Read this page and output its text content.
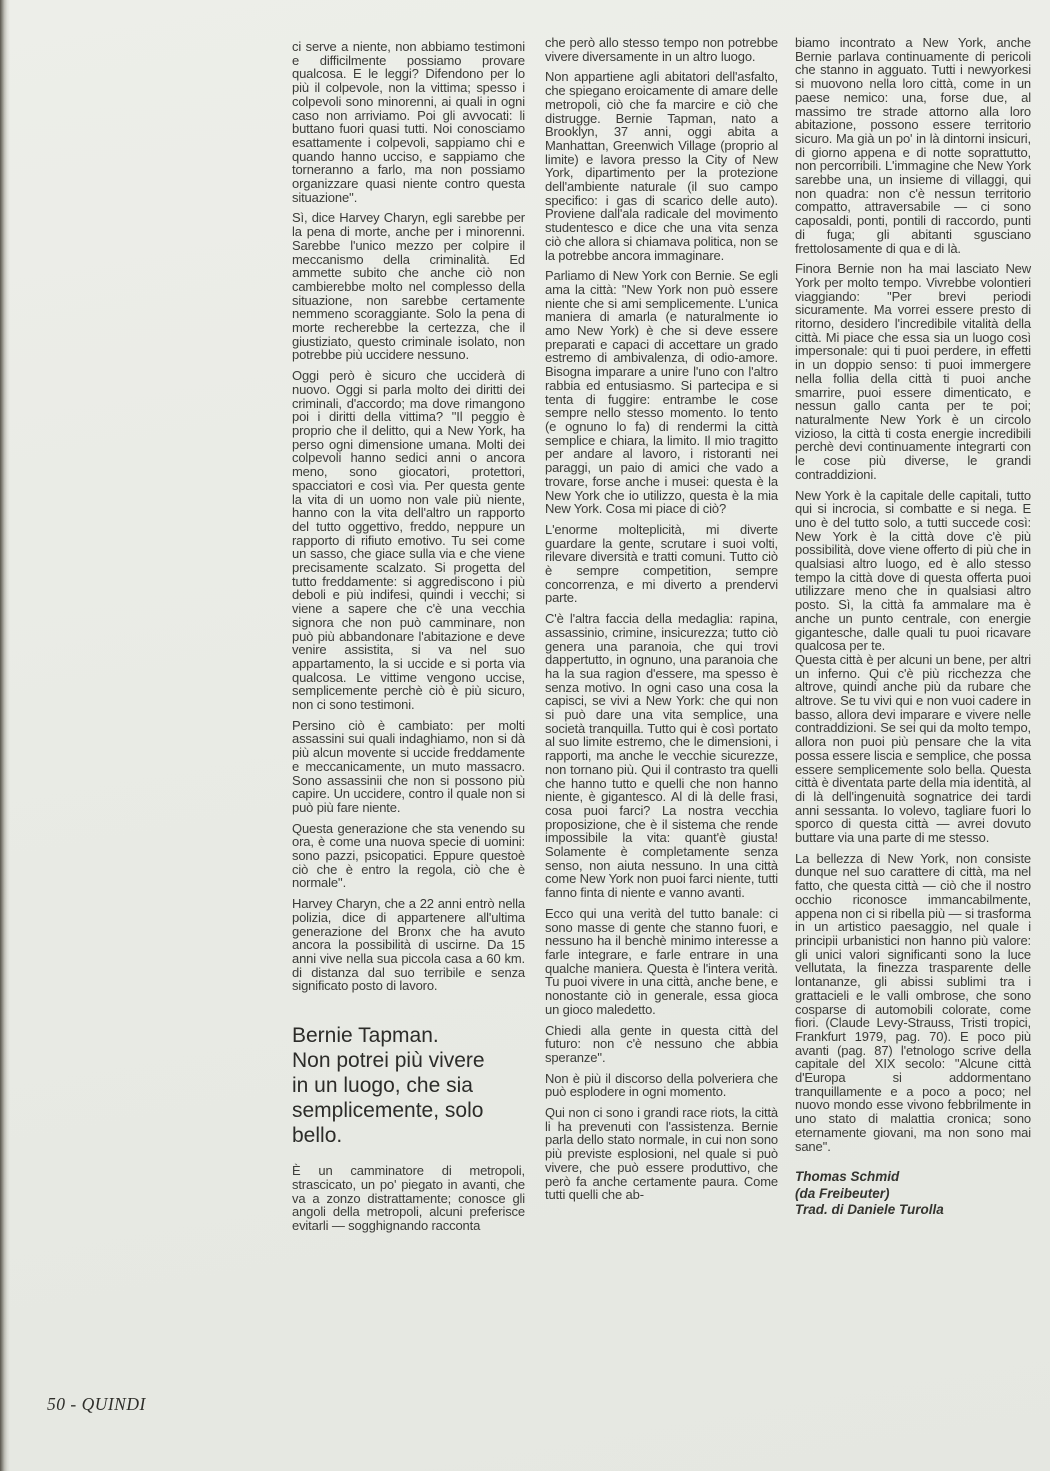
ci serve a niente, non abbiamo testimoni e difficilmente possiamo provare qualcosa. E le leggi? Difendono per lo più il colpevole, non la vittima; spesso i colpevoli sono minorenni, ai quali in ogni caso non arriviamo. Poi gli avvocati: li buttano fuori quasi tutti. Noi conosciamo esattamente i colpevoli, sappiamo chi e quando hanno ucciso, e sappiamo che torneranno a farlo, ma non possiamo organizzare quasi niente contro questa situazione''.

Sì, dice Harvey Charyn, egli sarebbe per la pena di morte, anche per i minorenni. Sarebbe l'unico mezzo per colpire il meccanismo della criminalità. Ed ammette subito che anche ciò non cambierebbe molto nel complesso della situazione, non sarebbe certamente nemmeno scoraggiante. Solo la pena di morte recherebbe la certezza, che il giustiziato, questo criminale isolato, non potrebbe più uccidere nessuno.

Oggi però è sicuro che ucciderà di nuovo. Oggi si parla molto dei diritti dei criminali, d'accordo; ma dove rimangono poi i diritti della vittima? ''Il peggio è proprio che il delitto, qui a New York, ha perso ogni dimensione umana. Molti dei colpevoli hanno sedici anni o ancora meno, sono giocatori, protettori, spacciatori e così via. Per questa gente la vita di un uomo non vale più niente, hanno con la vita dell'altro un rapporto del tutto oggettivo, freddo, neppure un rapporto di rifiuto emotivo. Tu sei come un sasso, che giace sulla via e che viene precisamente scalzato. Si progetta del tutto freddamente: si aggrediscono i più deboli e più indifesi, quindi i vecchi; si viene a sapere che c'è una vecchia signora che non può camminare, non può più abbandonare l'abitazione e deve venire assistita, si va nel suo appartamento, la si uccide e si porta via qualcosa. Le vittime vengono uccise, semplicemente perchè ciò è più sicuro, non ci sono testimoni.

Persino ciò è cambiato: per molti assassini sui quali indaghiamo, non si dà più alcun movente si uccide freddamente e meccanicamente, un muto massacro. Sono assassinii che non si possono più capire. Un uccidere, contro il quale non si può più fare niente.

Questa generazione che sta venendo su ora, è come una nuova specie di uomini: sono pazzi, psicopatici. Eppure questoè ciò che è entro la regola, ciò che è normale''.

Harvey Charyn, che a 22 anni entrò nella polizia, dice di appartenere all'ultima generazione del Bronx che ha avuto ancora la possibilità di uscirne. Da 15 anni vive nella sua piccola casa a 60 km. di distanza dal suo terribile e senza significato posto di lavoro.

Bernie Tapman.
Non potrei più vivere
in un luogo, che sia
semplicemente, solo
bello.

È un camminatore di metropoli, strascicato, un po' piegato in avanti, che va a zonzo distrattamente; conosce gli angoli della metropoli, alcuni preferisce evitarli — sogghignando racconta

che però allo stesso tempo non potrebbe vivere diversamente in un altro luogo.

Non appartiene agli abitatori dell'asfalto, che spiegano eroicamente di amare delle metropoli, ciò che fa marcire e ciò che distrugge. Bernie Tapman, nato a Brooklyn, 37 anni, oggi abita a Manhattan, Greenwich Village (proprio al limite) e lavora presso la City of New York, dipartimento per la protezione dell'ambiente naturale (il suo campo specifico: i gas di scarico delle auto). Proviene dall'ala radicale del movimento studentesco e dice che una vita senza ciò che allora si chiamava politica, non se la potrebbe ancora immaginare.

Parliamo di New York con Bernie. Se egli ama la città: ''New York non può essere niente che si ami semplicemente. L'unica maniera di amarla (e naturalmente io amo New York) è che si deve essere preparati e capaci di accettare un grado estremo di ambivalenza, di odio-amore. Bisogna imparare a unire l'uno con l'altro rabbia ed entusiasmo. Si partecipa e si tenta di fuggire: entrambe le cose sempre nello stesso momento. Io tento (e ognuno lo fa) di rendermi la città semplice e chiara, la limito. Il mio tragitto per andare al lavoro, i ristoranti nei paraggi, un paio di amici che vado a trovare, forse anche i musei: questa è la New York che io utilizzo, questa è la mia New York. Cosa mi piace di ciò?

L'enorme molteplicità, mi diverte guardare la gente, scrutare i suoi volti, rilevare diversità e tratti comuni. Tutto ciò è sempre competition, sempre concorrenza, e mi diverto a prendervi parte.

C'è l'altra faccia della medaglia: rapina, assassinio, crimine, insicurezza; tutto ciò genera una paranoia, che qui trovi dappertutto, in ognuno, una paranoia che ha la sua ragion d'essere, ma spesso è senza motivo. In ogni caso una cosa la capisci, se vivi a New York: che qui non si può dare una vita semplice, una società tranquilla. Tutto qui è così portato al suo limite estremo, che le dimensioni, i rapporti, ma anche le vecchie sicurezze, non tornano più. Qui il contrasto tra quelli che hanno tutto e quelli che non hanno niente, è gigantesco. Al di là delle frasi, cosa puoi farci? La nostra vecchia proposizione, che è il sistema che rende impossibile la vita: quant'è giusta! Solamente è completamente senza senso, non aiuta nessuno. In una città come New York non puoi farci niente, tutti fanno finta di niente e vanno avanti.

Ecco qui una verità del tutto banale: ci sono masse di gente che stanno fuori, e nessuno ha il benchè minimo interesse a farle integrare, e farle entrare in una qualche maniera. Questa è l'intera verità. Tu puoi vivere in una città, anche bene, e nonostante ciò in generale, essa gioca un gioco maledetto.

Chiedi alla gente in questa città del futuro: non c'è nessuno che abbia speranze''.

Non è più il discorso della polveriera che può esplodere in ogni momento.

Qui non ci sono i grandi race riots, la città li ha prevenuti con l'assistenza. Bernie parla dello stato normale, in cui non sono più previste esplosioni, nel quale si può vivere, che può essere produttivo, che però fa anche certamente paura. Come tutti quelli che ab-

biamo incontrato a New York, anche Bernie parlava continuamente di pericoli che stanno in agguato. Tutti i newyorkesi si muovono nella loro città, come in un paese nemico: una, forse due, al massimo tre strade attorno alla loro abitazione, possono essere territorio sicuro. Ma già un po' in là dintorni insicuri, di giorno appena e di notte soprattutto, non percorribili. L'immagine che New York sarebbe una, un insieme di villaggi, qui non quadra: non c'è nessun territorio compatto, attraversabile — ci sono caposaldi, ponti, pontili di raccordo, punti di fuga; gli abitanti sgusciano frettolosamente di qua e di là.

Finora Bernie non ha mai lasciato New York per molto tempo. Vivrebbe volontieri viaggiando: ''Per brevi periodi sicuramente. Ma vorrei essere presto di ritorno, desidero l'incredibile vitalità della città. Mi piace che essa sia un luogo così impersonale: qui ti puoi perdere, in effetti in un doppio senso: ti puoi immergere nella follia della città ti puoi anche smarrire, puoi essere dimenticato, e nessun gallo canta per te poi; naturalmente New York è un circolo vizioso, la città ti costa energie incredibili perchè devi continuamente integrarti con le cose più diverse, le grandi contraddizioni.

New York è la capitale delle capitali, tutto qui si incrocia, si combatte e si nega. E uno è del tutto solo, a tutti succede così: New York è la città dove c'è più possibilità, dove viene offerto di più che in qualsiasi altro luogo, ed è allo stesso tempo la città dove di questa offerta puoi utilizzare meno che in qualsiasi altro posto. Sì, la città fa ammalare ma è anche un punto centrale, con energie gigantesche, dalle quali tu puoi ricavare qualcosa per te.

Questa città è per alcuni un bene, per altri un inferno. Qui c'è più ricchezza che altrove, quindi anche più da rubare che altrove. Se tu vivi qui e non vuoi cadere in basso, allora devi imparare e vivere nelle contraddizioni. Se sei qui da molto tempo, allora non puoi più pensare che la vita possa essere liscia e semplice, che possa essere semplicemente solo bella. Questa città è diventata parte della mia identità, al di là dell'ingenuità sognatrice dei tardi anni sessanta. Io volevo, tagliare fuori lo sporco di questa città — avrei dovuto buttare via una parte di me stesso.

La bellezza di New York, non consiste dunque nel suo carattere di città, ma nel fatto, che questa città — ciò che il nostro occhio riconosce immancabilmente, appena non ci si ribella più — si trasforma in un artistico paesaggio, nel quale i principii urbanistici non hanno più valore: gli unici valori significanti sono la luce vellutata, la finezza trasparente delle lontananze, gli abissi sublimi tra i grattacieli e le valli ombrose, che sono cosparse di automobili colorate, come fiori. (Claude Levy-Strauss, Tristi tropici, Frankfurt 1979, pag. 70). E poco più avanti (pag. 87) l'etnologo scrive della capitale del XIX secolo: ''Alcune città d'Europa si addormentano tranquillamente e a poco a poco; nel nuovo mondo esse vivono febbrilmente in uno stato di malattia cronica; sono eternamente giovani, ma non sono mai sane''.

Thomas Schmid
(da Freibeuter)
Trad. di Daniele Turolla
50 - QUINDI
